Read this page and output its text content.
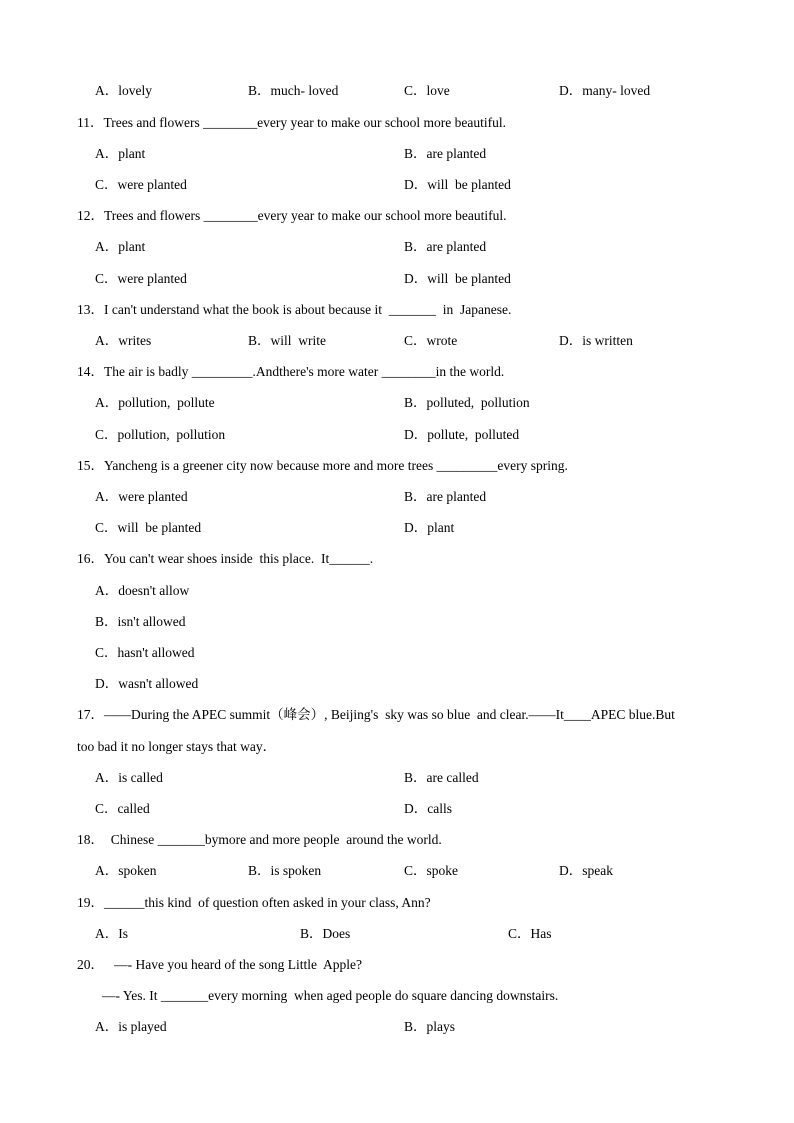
A．lovely	B．much- loved	C．love	D．many- loved
11．Trees and flowers ________every year to make our school more beautiful.
A．plant	B．are planted
C．were planted	D．will  be planted
12．Trees and flowers ________every year to make our school more beautiful.
A．plant	B．are planted
C．were planted	D．will  be planted
13．I can't understand what the book is about because it  _______  in  Japanese.
A．writes	B．will  write	C．wrote	D．is written
14．The air is badly _________.Andthere's more water ________in the world.
A．pollution,  pollute	B．polluted,  pollution
C．pollution,  pollution	D．pollute,  polluted
15．Yancheng is a greener city now because more and more trees _________every spring.
A．were planted	B．are planted
C．will  be planted	D．plant
16．You can't wear shoes inside  this place.  It______.
A．doesn't allow
B．isn't allowed
C．hasn't allowed
D．wasn't allowed
17．——During the APEC summit（峰会）, Beijing's  sky was so blue  and clear.——It____APEC blue.But
too bad it no longer stays that way．
A．is called	B．are called
C．called	D．calls
18．  Chinese _______bymore and more people  around the world.
A．spoken	B．is spoken	C．spoke	D．speak
19．______this kind  of question often asked in your class, Ann?
A．Is	B．Does	C．Has
20．   —- Have you heard of the song Little  Apple?
—- Yes. It _______every morning  when aged people do square dancing downstairs.
A．is played	B．plays
